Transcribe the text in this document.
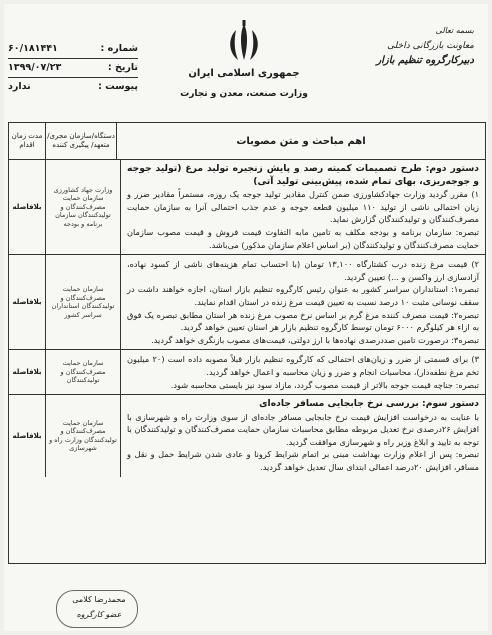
بسمه تعالی
معاونت بازرگانی داخلی
دبیرکارگروه تنظیم بازار
جمهوری اسلامی ایران
وزارت صنعت، معدن و تجارت
شماره :
۶۰/۱۸۱۴۴۱
تاریخ :
۱۳۹۹/۰۷/۲۳
پیوست :
ندارد
اهم مباحث و متن مصوبات
دستگاه/سازمان مجری/ متعهد/ پیگیری کننده
مدت زمان اقدام
دستور دوم: طرح تصمیمات کمیته رصد و پایش زنجیره تولید مرغ (تولید جوجه و جوجه‌ریزی، بهای تمام شده، پیش‌بینی تولید آتی)
۱) مقرر گردید وزارت جهادکشاورزی ضمن کنترل مقادیر تولید جوجه یک روزه، مستمراً مقادیر ضرر و زیان احتمالی ناشی از تولید ۱۱۰ میلیون قطعه جوجه و عدم جذب احتمالی آنرا به سازمان حمایت مصرف‌کنندگان و تولیدکنندگان گزارش نماید.
تبصره: سازمان برنامه و بودجه مکلف به تامین مابه التفاوت قیمت فروش و قیمت مصوب سازمان حمایت مصرف‌کنندگان و تولیدکنندگان (بر اساس اعلام سازمان مذکور) می‌باشد.
وزارت جهاد کشاورزی سازمان حمایت مصرف‌کنندگان و تولیدکنندگان سازمان برنامه و بودجه
بلافاصله
۲) قیمت مرغ زنده درب کشتارگاه ۱۳,۱۰۰ تومان (با احتساب تمام هزینه‌های ناشی از کسود نهاده، آزادسازی ارز واکسن و ...) تعیین گردید.
تبصره۱: استانداران سراسر کشور به عنوان رئیس کارگروه تنظیم بازار استان، اجازه خواهند داشت در سقف نوسانی مثبت ۱۰ درصد نسبت به تعیین قیمت مرغ زنده در استان اقدام نمایند.
تبصره۲: قیمت مصرف کننده مرغ گرم بر اساس نرخ مصوب مرغ زنده هر استان مطابق تبصره یک فوق به ازاء هر کیلوگرم ۶۰۰۰ تومان توسط کارگروه تنظیم بازار هر استان تعیین خواهد گردید.
تبصره۳: درصورت تامین صددرصدی نهاده‌ها با ارز دولتی، قیمت‌های مصوب بازنگری خواهد گردید.
سازمان حمایت مصرف‌کنندگان و تولیدکنندگان استانداران سراسر کشور
بلافاصله
۳) برای قسمتی از ضرر و زیان‌های احتمالی که کارگروه تنظیم بازار قبلاً مصوبه داده است (۲۰ میلیون تخم مرغ نطفه‌دار)، محاسبات انجام و ضرر و زیان محاسبه و اعمال خواهد گردید.
تبصره: جناچه قیمت جوجه بالاتر از قیمت مصوب گردد، مازاد سود نیز بایستی محاسبه شود.
سازمان حمایت مصرف‌کنندگان و تولیدکنندگان
بلافاصله
دستور سوم: بررسی نرخ جابجایی مسافر جاده‌ای
با عنایت به درخواست افزایش قیمت نرخ جابجایی مسافر جاده‌ای از سوی وزارت راه و شهرسازی با افزایش ۲۶درصدی نرخ تعدیل مربوطه مطابق محاسبات سازمان حمایت مصرف‌کنندگان و تولیدکنندگان با توجه به تایید و ابلاغ وزیر راه و شهرسازی موافقت گردید.
تبصره: پس از اعلام وزارت بهداشت مبنی بر اتمام شرایط کرونا و عادی شدن شرایط حمل و نقل و مسافر، افزایش ۲۰درصد اعمالی ابتدای سال تعدیل خواهد گردید.
سازمان حمایت مصرف‌کنندگان و تولیدکنندگان وزارت راه و شهرسازی
بلافاصله
محمدرضا کلامی
عضو کارگروه
